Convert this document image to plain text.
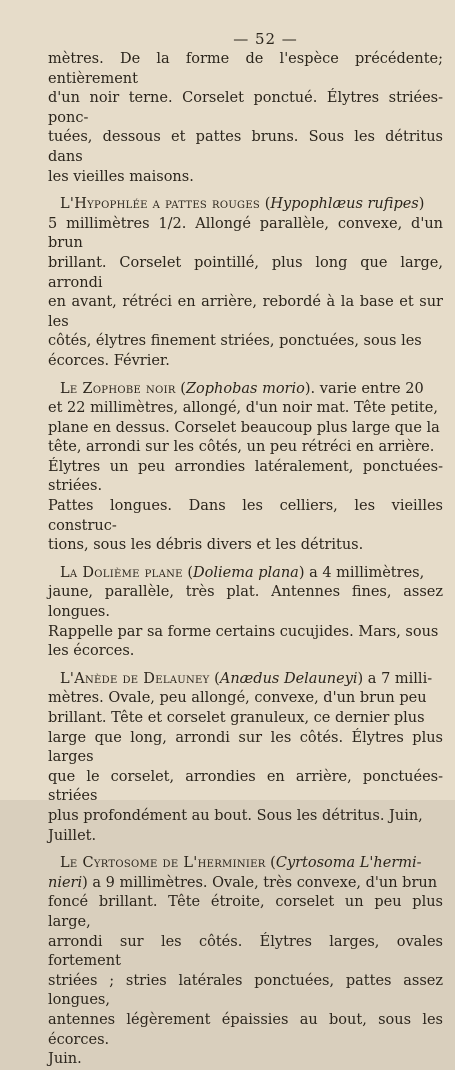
— 52 —

mètres. De la forme de l'espèce précédente; entièrement

d'un noir terne. Corselet ponctué. Élytres striées-ponc-

tuées, dessous et pattes bruns. Sous les détritus dans

les vieilles maisons.

L'Hypophlée a pattes rouges (Hypophlæus rufipes)

5 millimètres 1/2. Allongé parallèle, convexe, d'un brun

brillant. Corselet pointillé, plus long que large, arrondi

en avant, rétréci en arrière, rebordé à la base et sur les

côtés, élytres finement striées, ponctuées, sous les

écorces. Février.

Le Zophobe noir (Zophobas morio). varie entre 20

et 22 millimètres, allongé, d'un noir mat. Tête petite,

plane en dessus. Corselet beaucoup plus large que la

tête, arrondi sur les côtés, un peu rétréci en arrière.

Élytres un peu arrondies latéralement, ponctuées-striées.

Pattes longues. Dans les celliers, les vieilles construc-

tions, sous les débris divers et les détritus.

La Dolième plane (Doliema plana) a 4 millimètres,

jaune, parallèle, très plat. Antennes fines, assez longues.

Rappelle par sa forme certains cucujides. Mars, sous

les écorces.

L'Anède de Delauney (Anædus Delauneyi) a 7 milli-

mètres. Ovale, peu allongé, convexe, d'un brun peu

brillant. Tête et corselet granuleux, ce dernier plus

large que long, arrondi sur les côtés. Élytres plus larges

que le corselet, arrondies en arrière, ponctuées-striées

plus profondément au bout. Sous les détritus. Juin,

Juillet.

Le Cyrtosome de L'herminier (Cyrtosoma L'hermi-

nieri) a 9 millimètres. Ovale, très convexe, d'un brun

foncé brillant. Tête étroite, corselet un peu plus large,

arrondi sur les côtés. Élytres larges, ovales fortement

striées ; stries latérales ponctuées, pattes assez longues,

antennes légèrement épaissies au bout, sous les écorces.

Juin.
